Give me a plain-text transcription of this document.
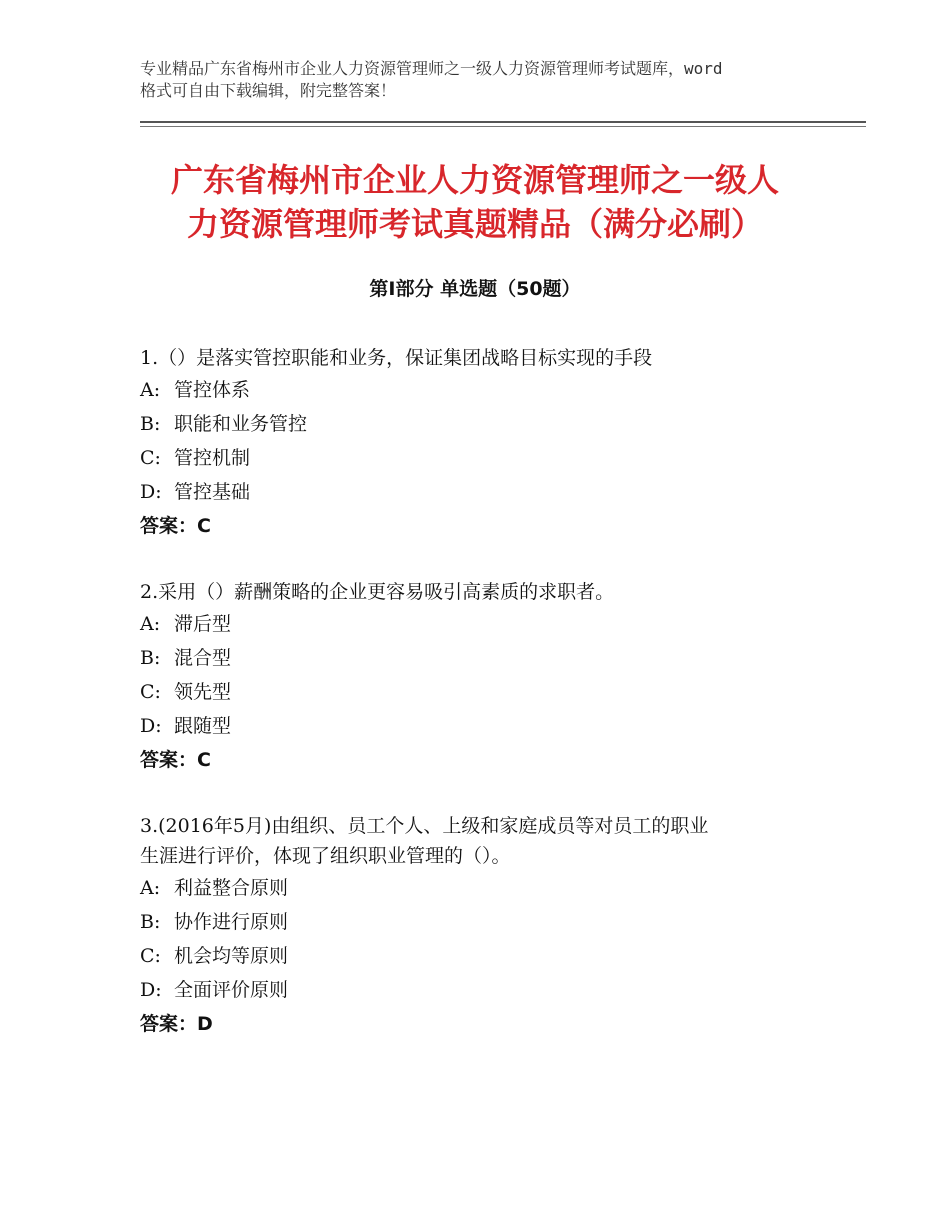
专业精品广东省梅州市企业人力资源管理师之一级人力资源管理师考试题库，word
格式可自由下载编辑，附完整答案！
广东省梅州市企业人力资源管理师之一级人
力资源管理师考试真题精品（满分必刷）
第Ⅰ部分 单选题（50题）
1.（）是落实管控职能和业务，保证集团战略目标实现的手段
A: 管控体系
B: 职能和业务管控
C: 管控机制
D: 管控基础
答案：C
2.采用（）薪酬策略的企业更容易吸引高素质的求职者。
A: 滞后型
B: 混合型
C: 领先型
D: 跟随型
答案：C
3.(2016年5月)由组织、员工个人、上级和家庭成员等对员工的职业
生涯进行评价，体现了组织职业管理的（）。
A: 利益整合原则
B: 协作进行原则
C: 机会均等原则
D: 全面评价原则
答案：D
